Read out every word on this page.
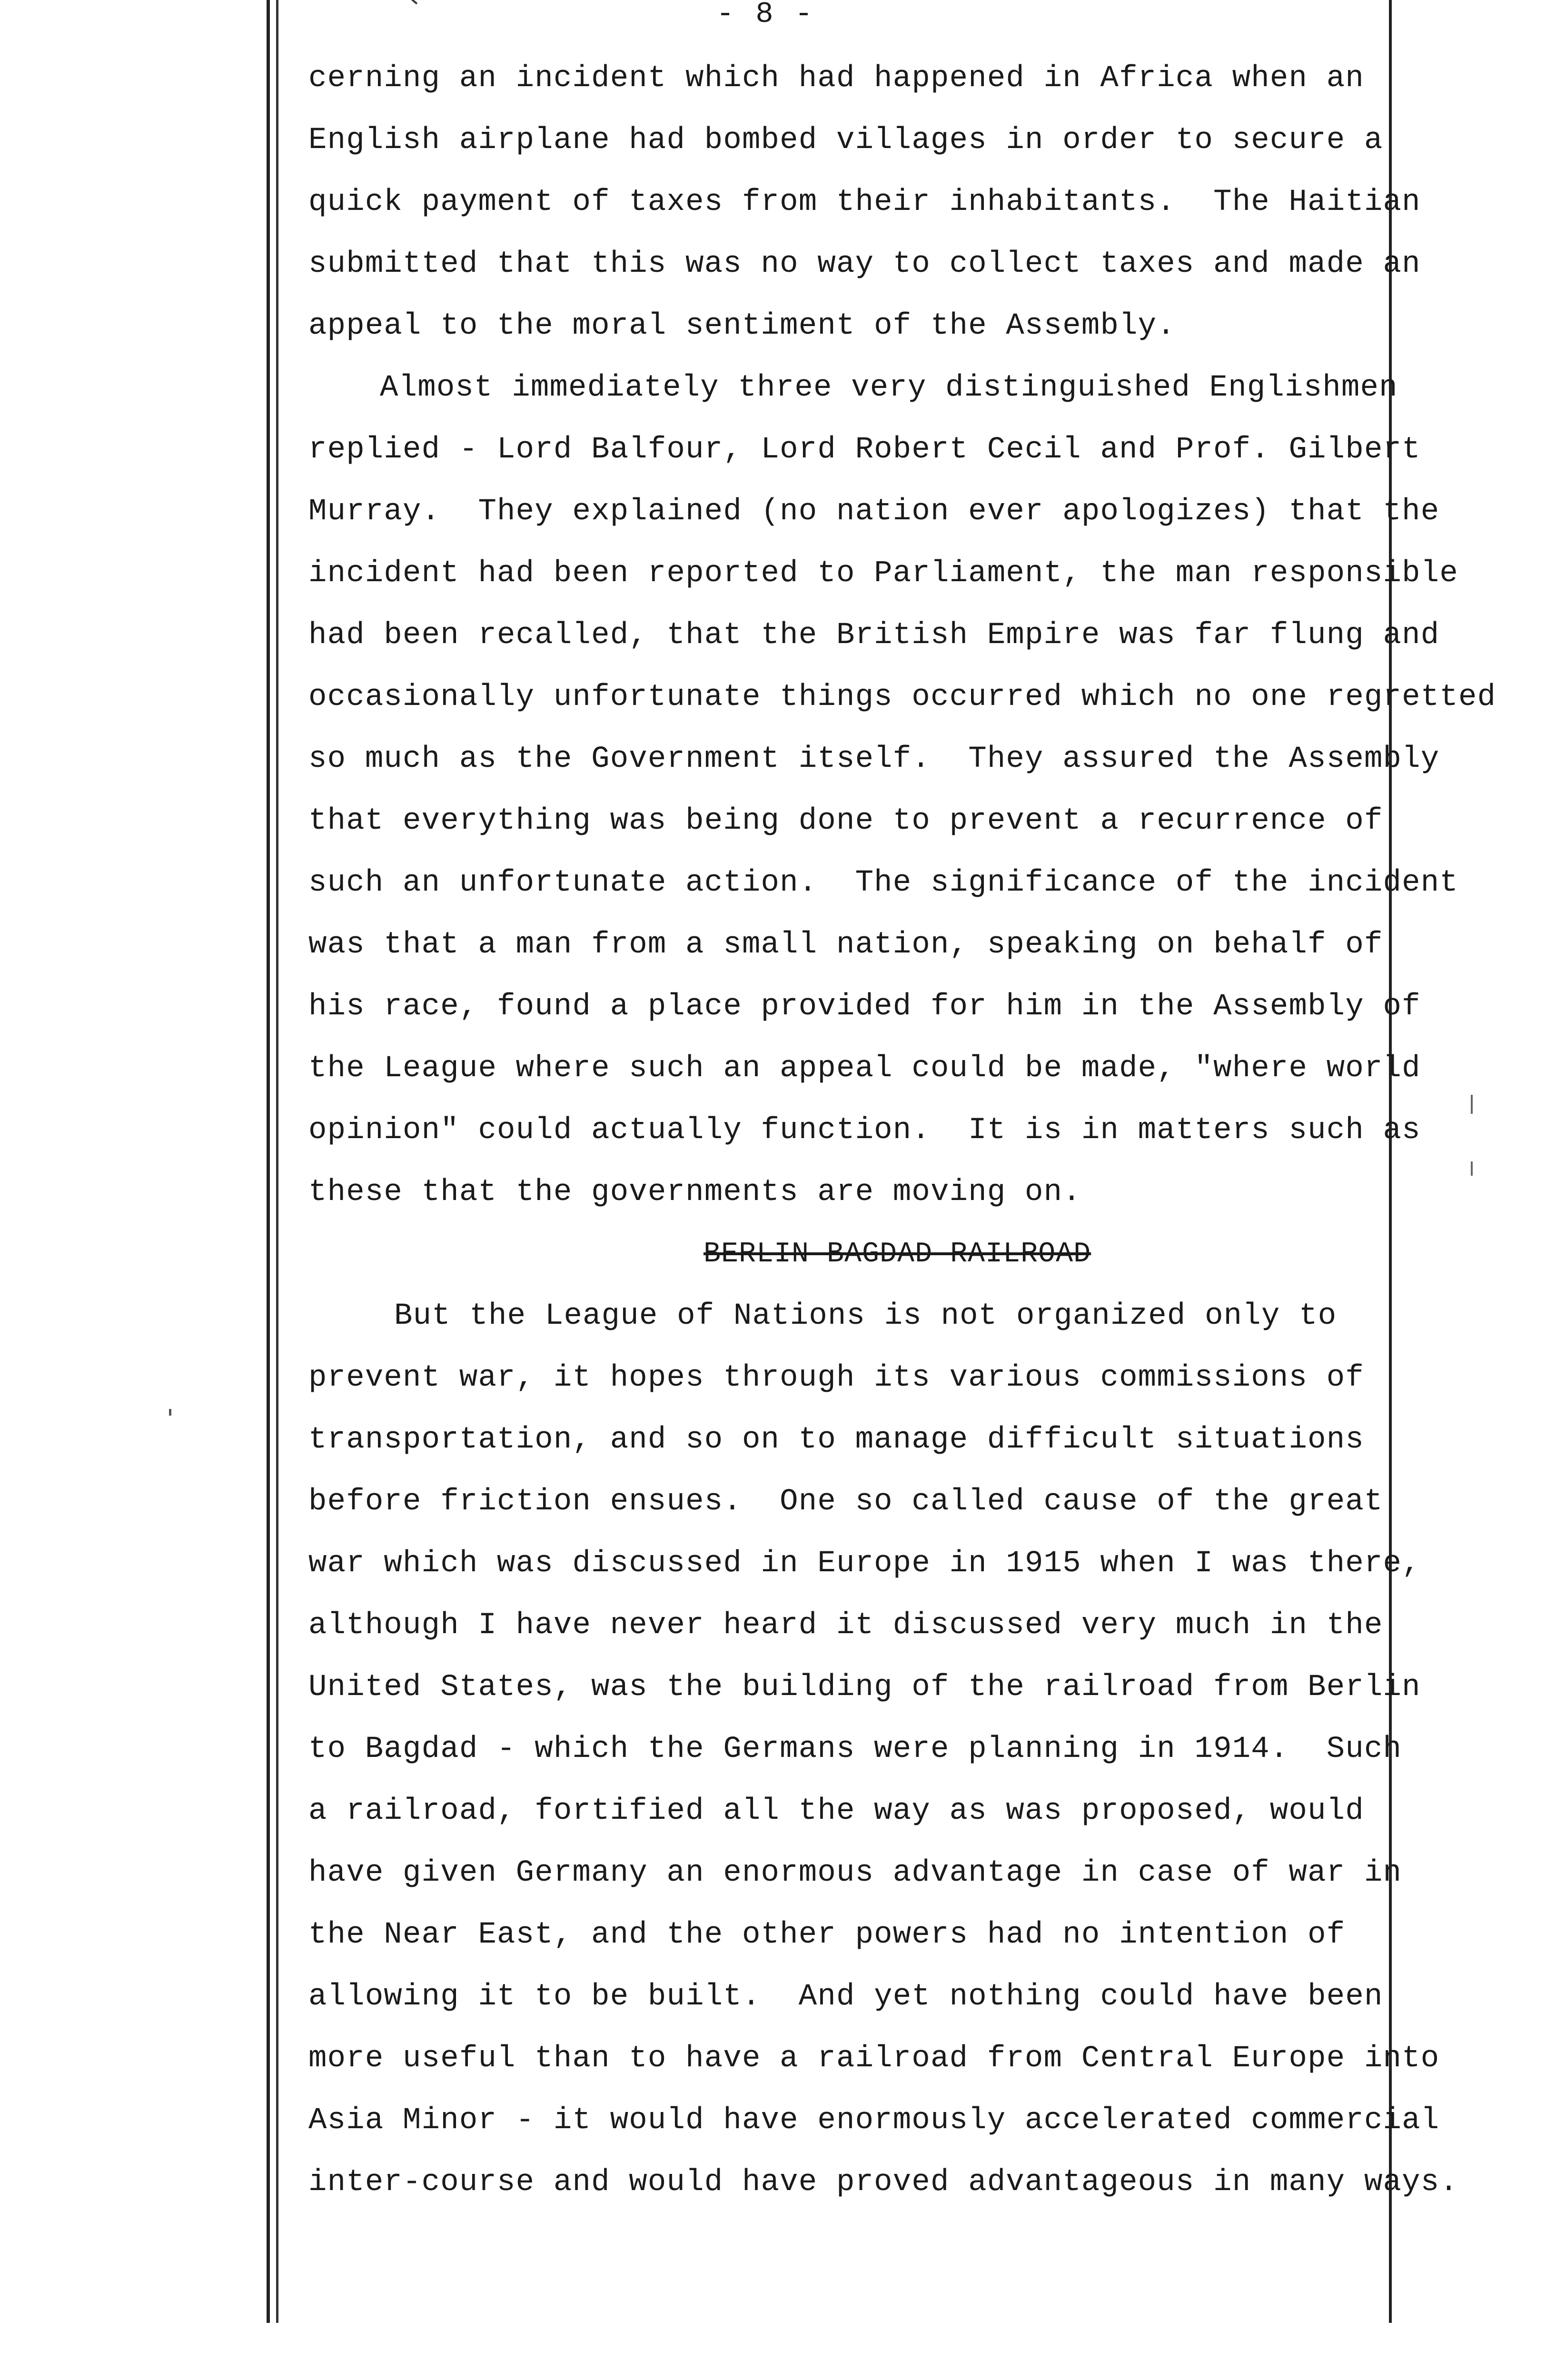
- 8 -
cerning an incident which had happened in Africa when an
English airplane had bombed villages in order to secure a
quick payment of taxes from their inhabitants.  The Haitian
submitted that this was no way to collect taxes and made an
appeal to the moral sentiment of the Assembly.
Almost immediately three very distinguished Englishmen
replied - Lord Balfour, Lord Robert Cecil and Prof. Gilbert
Murray.  They explained (no nation ever apologizes) that the
incident had been reported to Parliament, the man responsible
had been recalled, that the British Empire was far flung and
occasionally unfortunate things occurred which no one regretted
so much as the Government itself.  They assured the Assembly
that everything was being done to prevent a recurrence of
such an unfortunate action.  The significance of the incident
was that a man from a small nation, speaking on behalf of
his race, found a place provided for him in the Assembly of
the League where such an appeal could be made, "where world
opinion" could actually function.  It is in matters such as
these that the governments are moving on.
BERLIN BAGDAD RAILROAD
But the League of Nations is not organized only to
prevent war, it hopes through its various commissions of
transportation, and so on to manage difficult situations
before friction ensues.  One so called cause of the great
war which was discussed in Europe in 1915 when I was there,
although I have never heard it discussed very much in the
United States, was the building of the railroad from Berlin
to Bagdad - which the Germans were planning in 1914.  Such
a railroad, fortified all the way as was proposed, would
have given Germany an enormous advantage in case of war in
the Near East, and the other powers had no intention of
allowing it to be built.  And yet nothing could have been
more useful than to have a railroad from Central Europe into
Asia Minor - it would have enormously accelerated commercial
inter-course and would have proved advantageous in many ways.
